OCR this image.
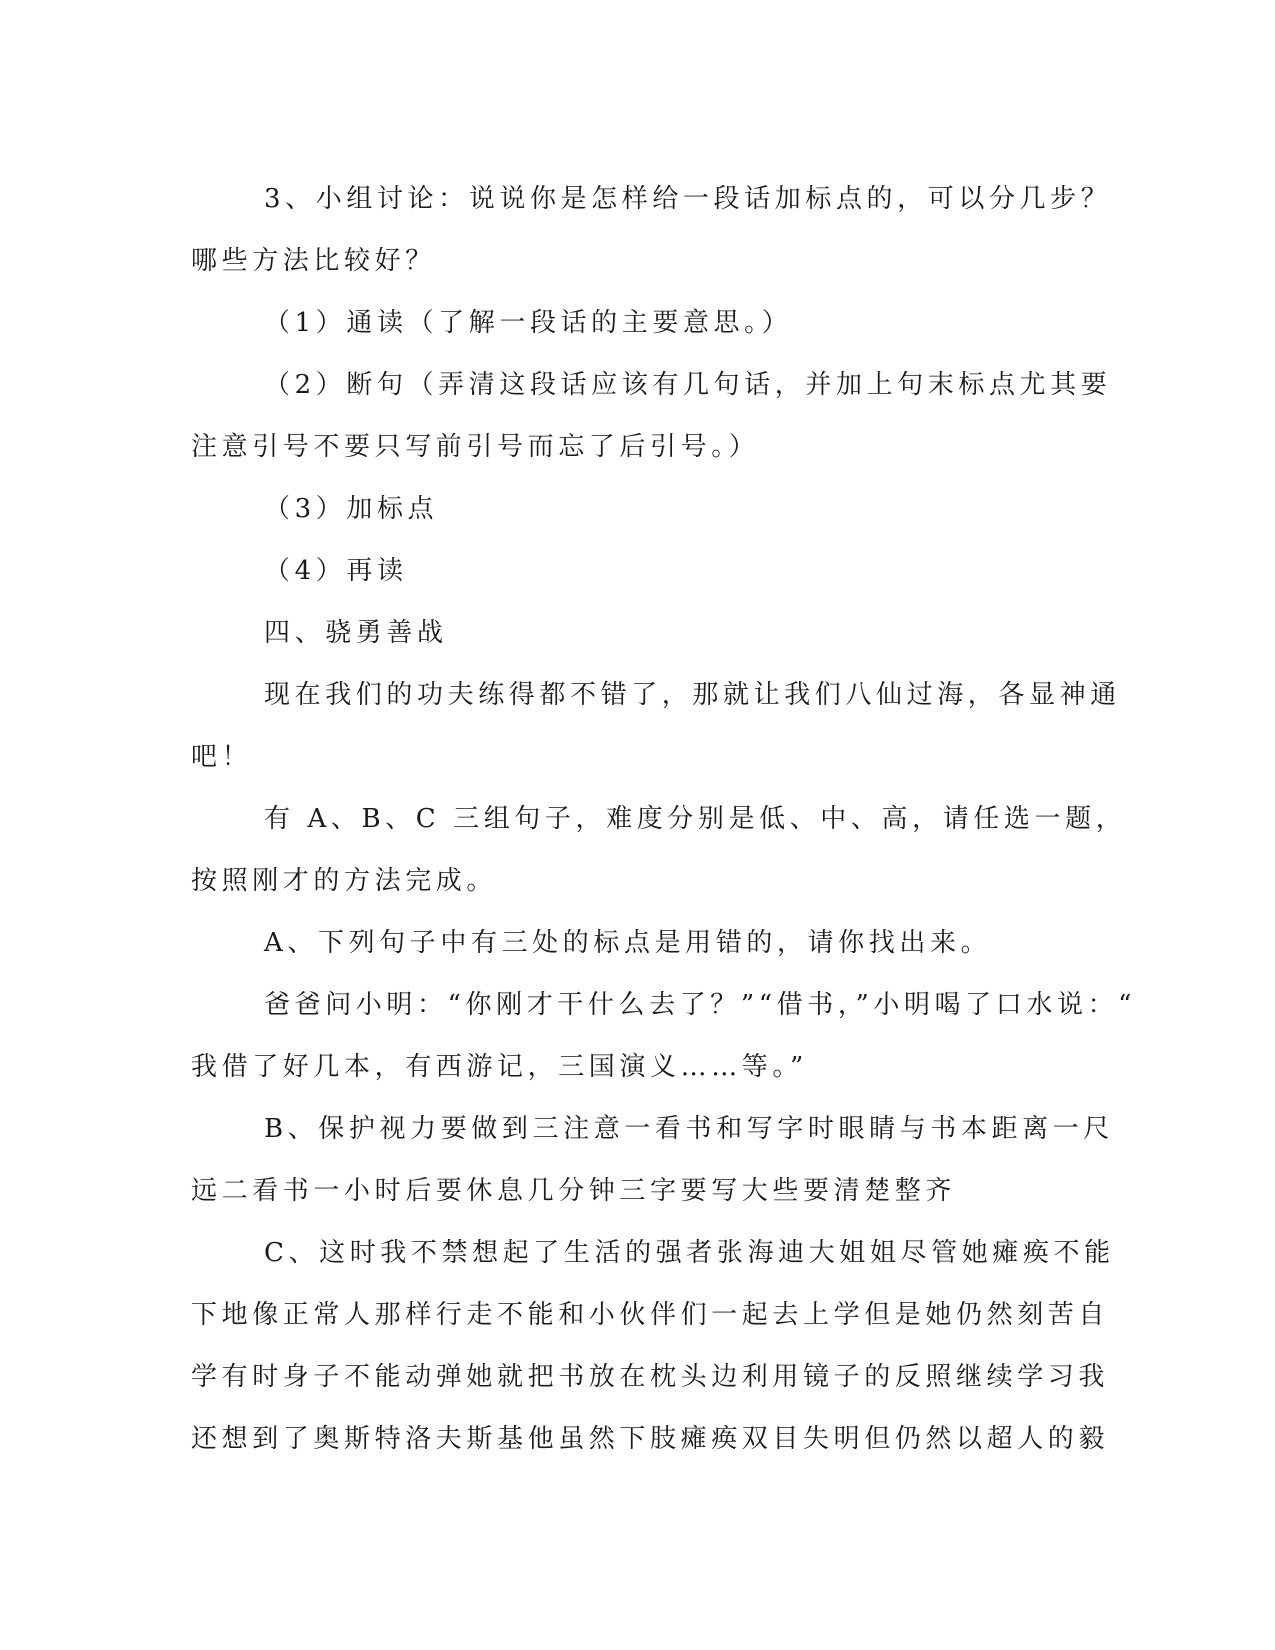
3、小组讨论：说说你是怎样给一段话加标点的，可以分几步？

哪些方法比较好？

（1）通读（了解一段话的主要意思。）

（2）断句（弄清这段话应该有几句话，并加上句末标点尤其要

注意引号不要只写前引号而忘了后引号。）

（3）加标点

（4）再读

四、骁勇善战

现在我们的功夫练得都不错了，那就让我们八仙过海，各显神通

吧！

有 A、B、C 三组句子，难度分别是低、中、高，请任选一题，

按照刚才的方法完成。

A、下列句子中有三处的标点是用错的，请你找出来。

爸爸问小明：“你刚才干什么去了？”“借书，”小明喝了口水说：“

我借了好几本，有西游记，三国演义……等。”

B、保护视力要做到三注意一看书和写字时眼睛与书本距离一尺

远二看书一小时后要休息几分钟三字要写大些要清楚整齐

C、这时我不禁想起了生活的强者张海迪大姐姐尽管她瘫痪不能

下地像正常人那样行走不能和小伙伴们一起去上学但是她仍然刻苦自

学有时身子不能动弹她就把书放在枕头边利用镜子的反照继续学习我

还想到了奥斯特洛夫斯基他虽然下肢瘫痪双目失明但仍然以超人的毅
